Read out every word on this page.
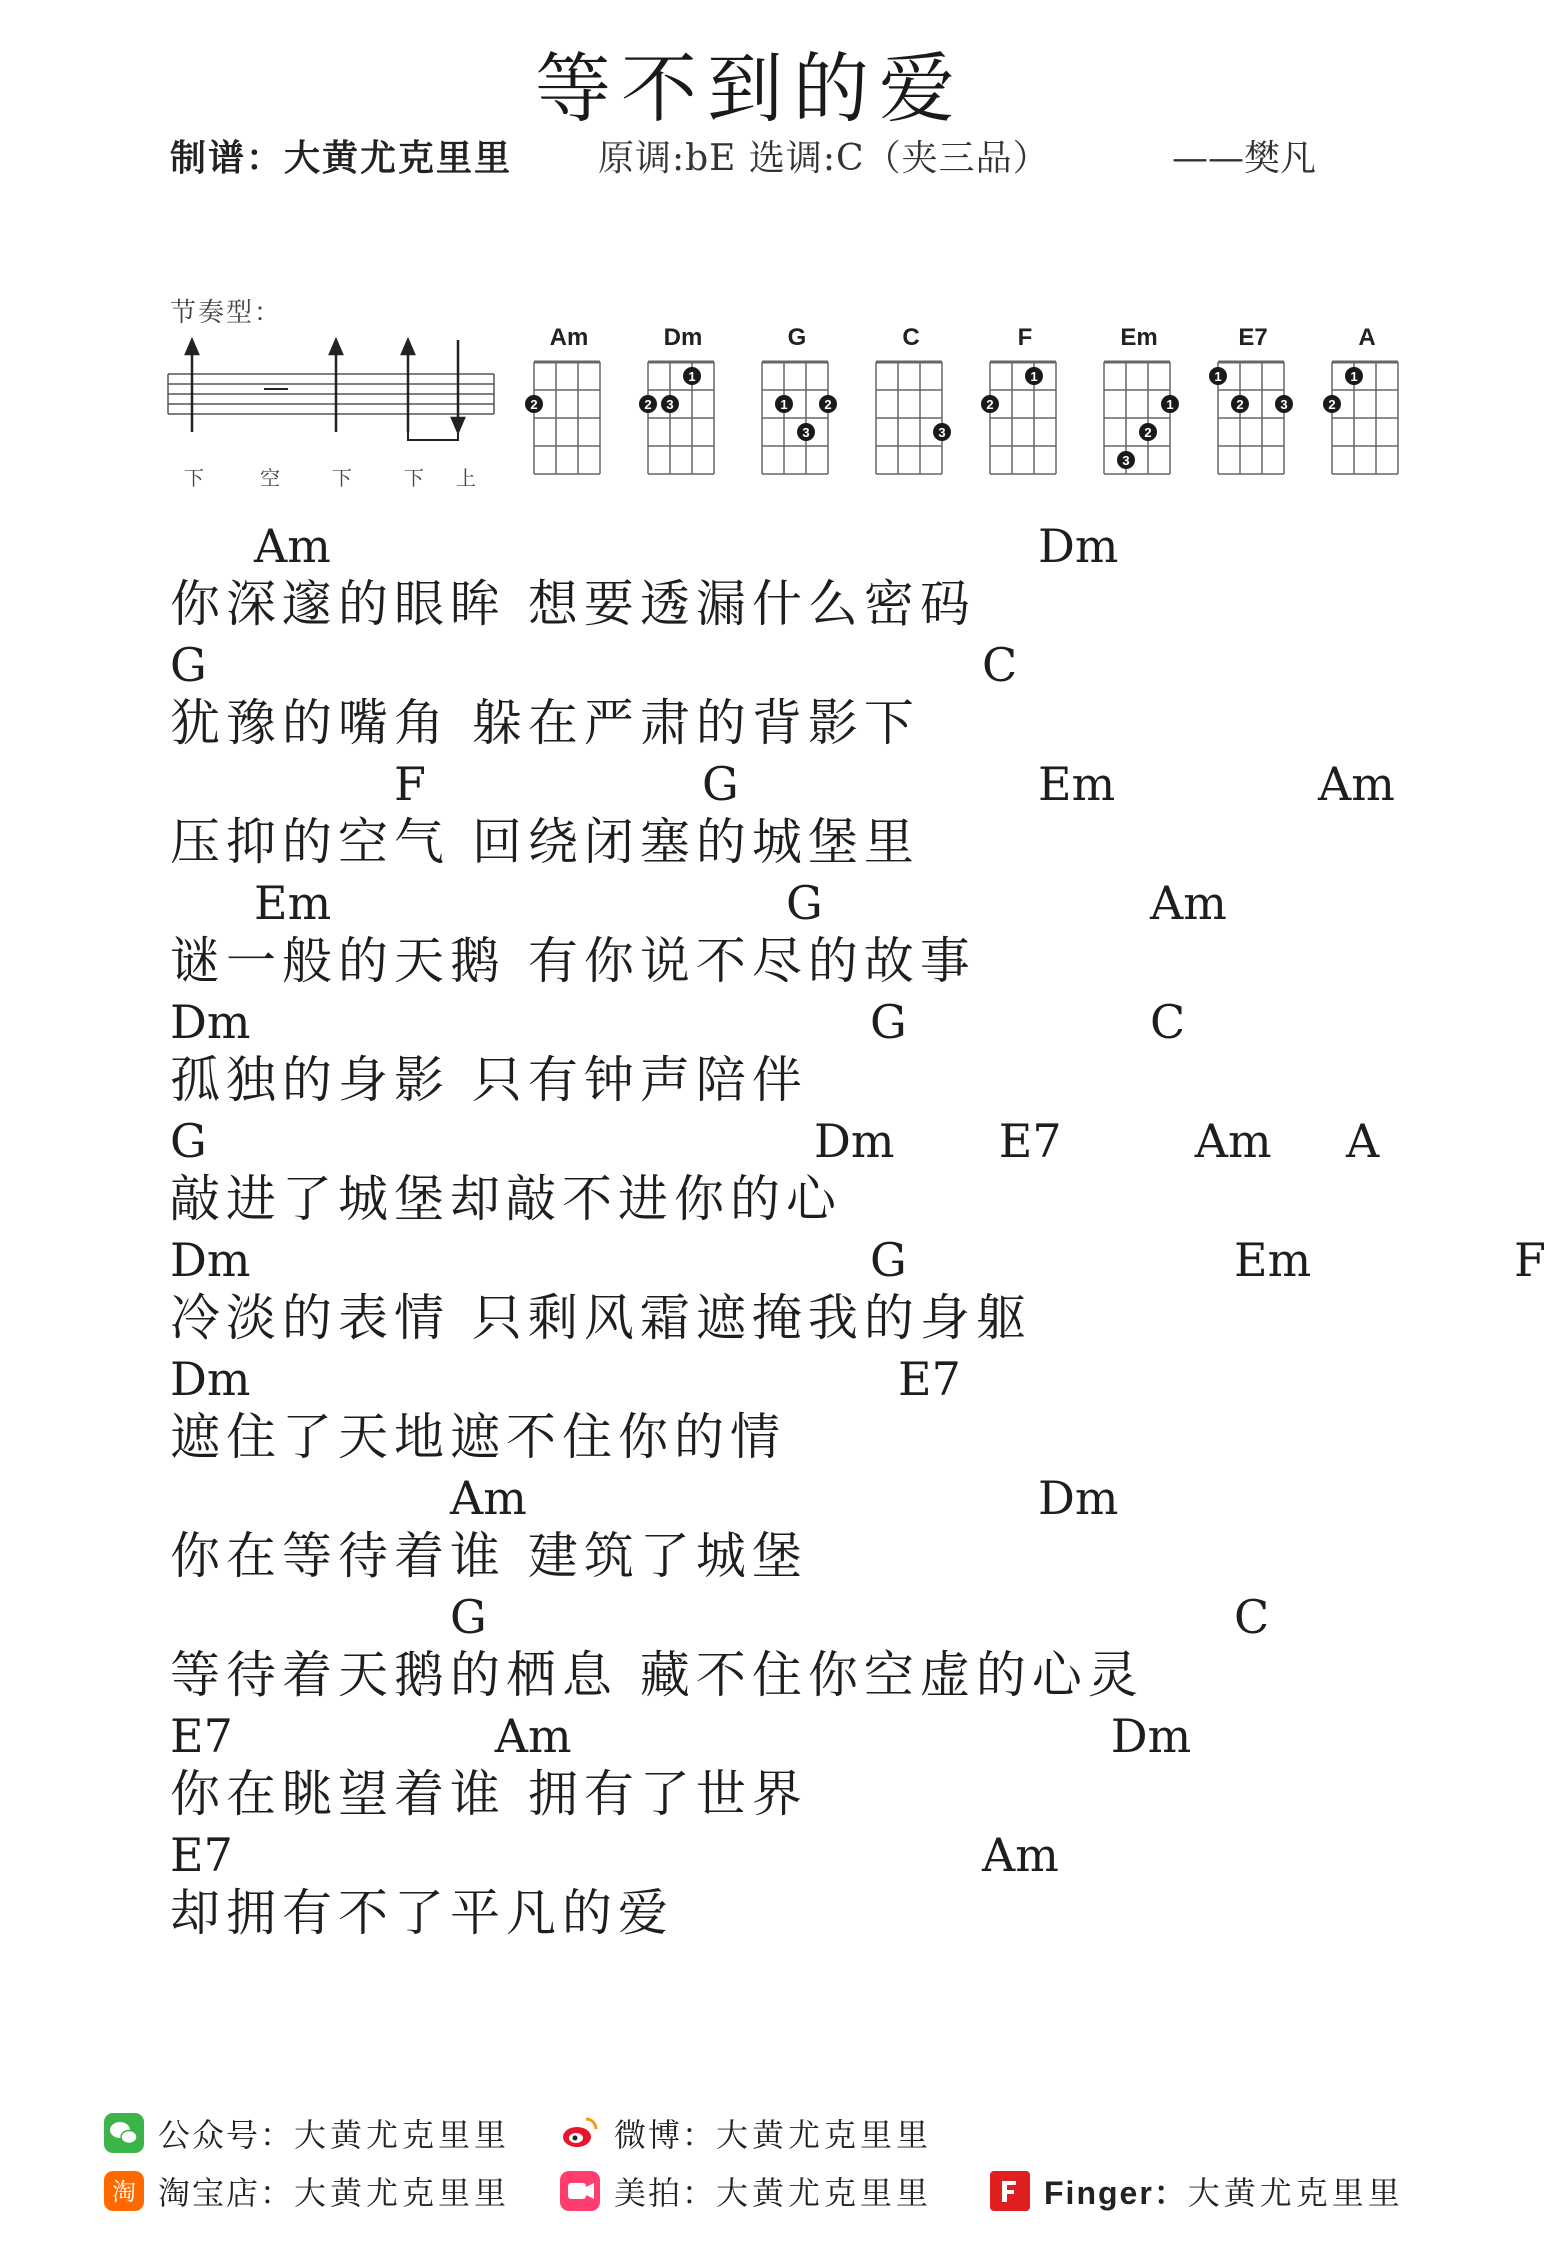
等不到的爱
制谱：大黄尤克里里 原调:bE 选调:C（夹三品）	——樊凡
节奏型：
下	空	下	下 上
Am
2
Dm
2 3
1
G
1
3
2
C
3
F
2
1
Em
3
2
1
E7
1
2	3
A
2
1
Am	Dm
你深邃的眼眸 想要透漏什么密码
G	C
犹豫的嘴角 躲在严肃的背影下
F	G	Em	Am
压抑的空气 回绕闭塞的城堡里
Em	G	Am
谜一般的天鹅 有你说不尽的故事
Dm	G	C
孤独的身影 只有钟声陪伴
G	Dm E7	Am A
敲进了城堡却敲不进你的心
Dm	G	Em	F
冷淡的表情 只剩风霜遮掩我的身躯
Dm	E7
遮住了天地遮不住你的情
Am	Dm
你在等待着谁 建筑了城堡
G	C
等待着天鹅的栖息 藏不住你空虚的心灵
E7	Am	Dm
你在眺望着谁 拥有了世界
E7	Am
却拥有不了平凡的爱
公众号： 大黄尤克里里	微博： 大黄尤克里里
淘 淘宝店： 大黄尤克里里	美拍： 大黄尤克里里	Finger： 大黄尤克里里
